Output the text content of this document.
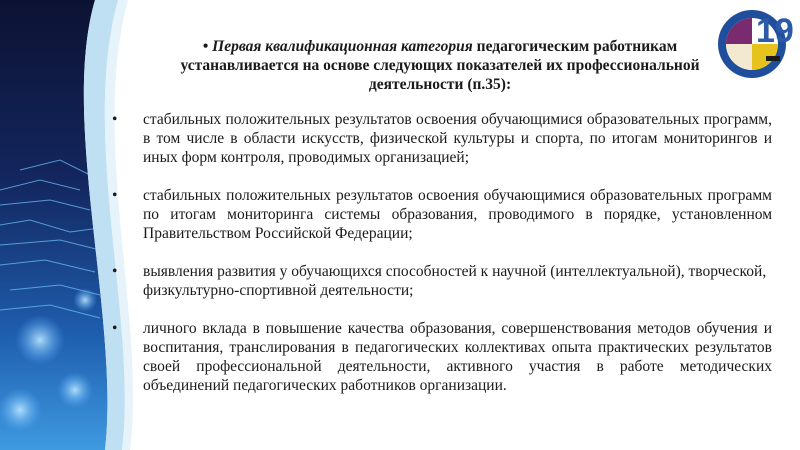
19
• Первая квалификационная категория педагогическим работникам устанавливается на основе следующих показателей их профессиональной деятельности (п.35):
• стабильных положительных результатов освоения обучающимися образовательных программ, в том числе в области искусств, физической культуры и спорта, по итогам мониторингов и иных форм контроля, проводимых организацией;
• стабильных положительных результатов освоения обучающимися образовательных программ по итогам мониторинга системы образования, проводимого в порядке, установленном Правительством Российской Федерации;
• выявления развития у обучающихся способностей к научной (интеллектуальной), творческой, физкультурно-спортивной деятельности;
• личного вклада в повышение качества образования, совершенствования методов обучения и воспитания, транслирования в педагогических коллективах опыта практических результатов своей профессиональной деятельности, активного участия в работе методических объединений педагогических работников организации.
